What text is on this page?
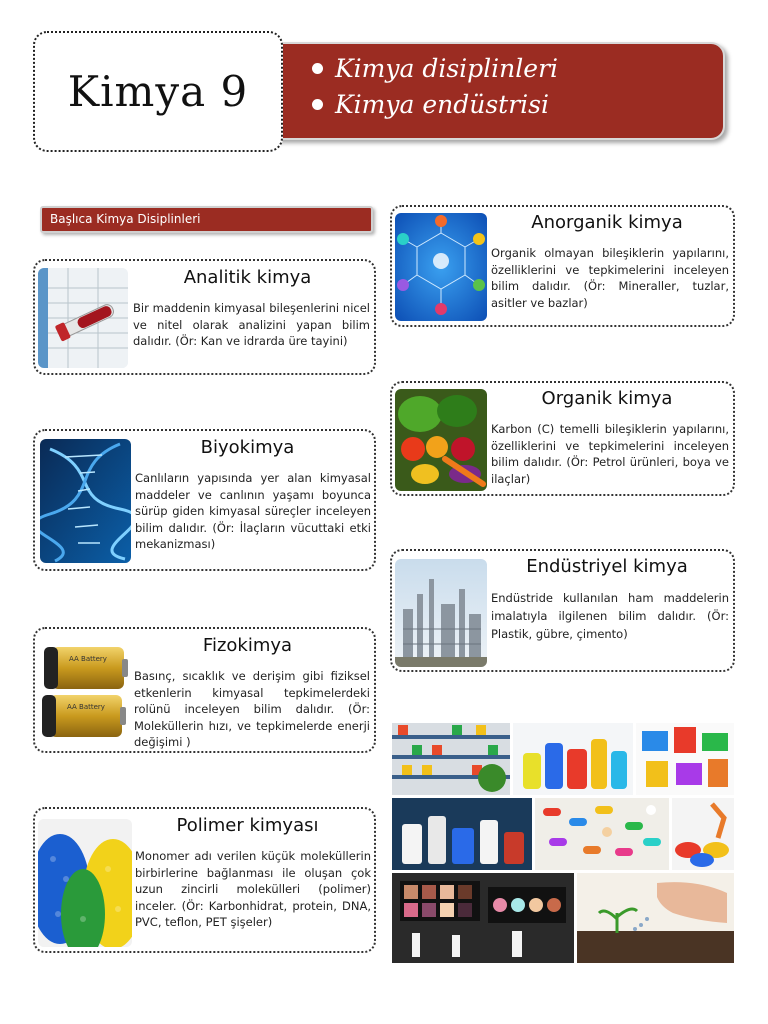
Kimya 9	Kimya disiplinleri
Kimya endüstrisi
Başlıca Kimya Disiplinleri
Analitik kimya
Bir maddenin kimyasal bileşenlerini nicel ve nitel olarak analizini yapan bilim dalıdır. (Ör: Kan ve idrarda üre tayini)
Biyokimya
Canlıların yapısında yer alan kimyasal maddeler ve canlının yaşamı boyunca sürüp giden kimyasal süreçler inceleyen bilim dalıdır. (Ör: İlaçların vücuttaki etki mekanizması)
AA Battery
AA Battery
Fizokimya
Basınç, sıcaklık ve derişim gibi fiziksel etkenlerin kimyasal tepkimelerdeki rolünü inceleyen bilim dalıdır. (Ör: Moleküllerin hızı, ve tepkimelerde enerji değişimi )
Polimer kimyası
Monomer adı verilen küçük moleküllerin birbirlerine bağlanması ile oluşan çok uzun zincirli molekülleri (polimer) inceler. (Ör: Karbonhidrat, protein, DNA, PVC, teflon, PET şişeler)
Anorganik kimya
Organik olmayan bileşiklerin yapılarını, özelliklerini ve tepkimelerini inceleyen bilim dalıdır. (Ör: Mineraller, tuzlar, asitler ve bazlar)
Organik kimya
Karbon (C) temelli bileşiklerin yapılarını, özelliklerini ve tepkimelerini inceleyen bilim dalıdır. (Ör: Petrol ürünleri, boya ve ilaçlar)
Endüstriyel kimya
Endüstride kullanılan ham maddelerin imalatıyla ilgilenen bilim dalıdır. (Ör: Plastik, gübre, çimento)
